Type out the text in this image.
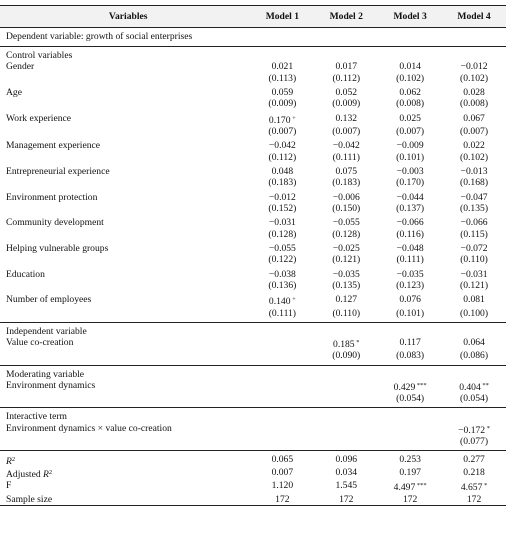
Variables	Model 1	Model 2	Model 3	Model 4
Dependent variable: growth of social enterprises				
Control variables				
Gender	0.021	0.017	0.014	−0.012
	(0.113)	(0.112)	(0.102)	(0.102)
Age	0.059	0.052	0.062	0.028
	(0.009)	(0.009)	(0.008)	(0.008)
Work experience	0.170 +	0.132	0.025	0.067
	(0.007)	(0.007)	(0.007)	(0.007)
Management experience	−0.042	−0.042	−0.009	0.022
	(0.112)	(0.111)	(0.101)	(0.102)
Entrepreneurial experience	0.048	0.075	−0.003	−0.013
	(0.183)	(0.183)	(0.170)	(0.168)
Environment protection	−0.012	−0.006	−0.044	−0.047
	(0.152)	(0.150)	(0.137)	(0.135)
Community development	−0.031	−0.055	−0.066	−0.066
	(0.128)	(0.128)	(0.116)	(0.115)
Helping vulnerable groups	−0.055	−0.025	−0.048	−0.072
	(0.122)	(0.121)	(0.111)	(0.110)
Education	−0.038	−0.035	−0.035	−0.031
	(0.136)	(0.135)	(0.123)	(0.121)
Number of employees	0.140 +	0.127	0.076	0.081
	(0.111)	(0.110)	(0.101)	(0.100)
Independent variable				
Value co-creation		0.185 *	0.117	0.064
		(0.090)	(0.083)	(0.086)
Moderating variable				
Environment dynamics			0.429 ***	0.404 **
			(0.054)	(0.054)
Interactive term				
Environment dynamics × value co-creation				−0.172 *
				(0.077)
$R^2$	0.065	0.096	0.253	0.277
Adjusted $R^2$	0.007	0.034	0.197	0.218
F	1.120	1.545	4.497 ***	4.657 *
Sample size	172	172	172	172
